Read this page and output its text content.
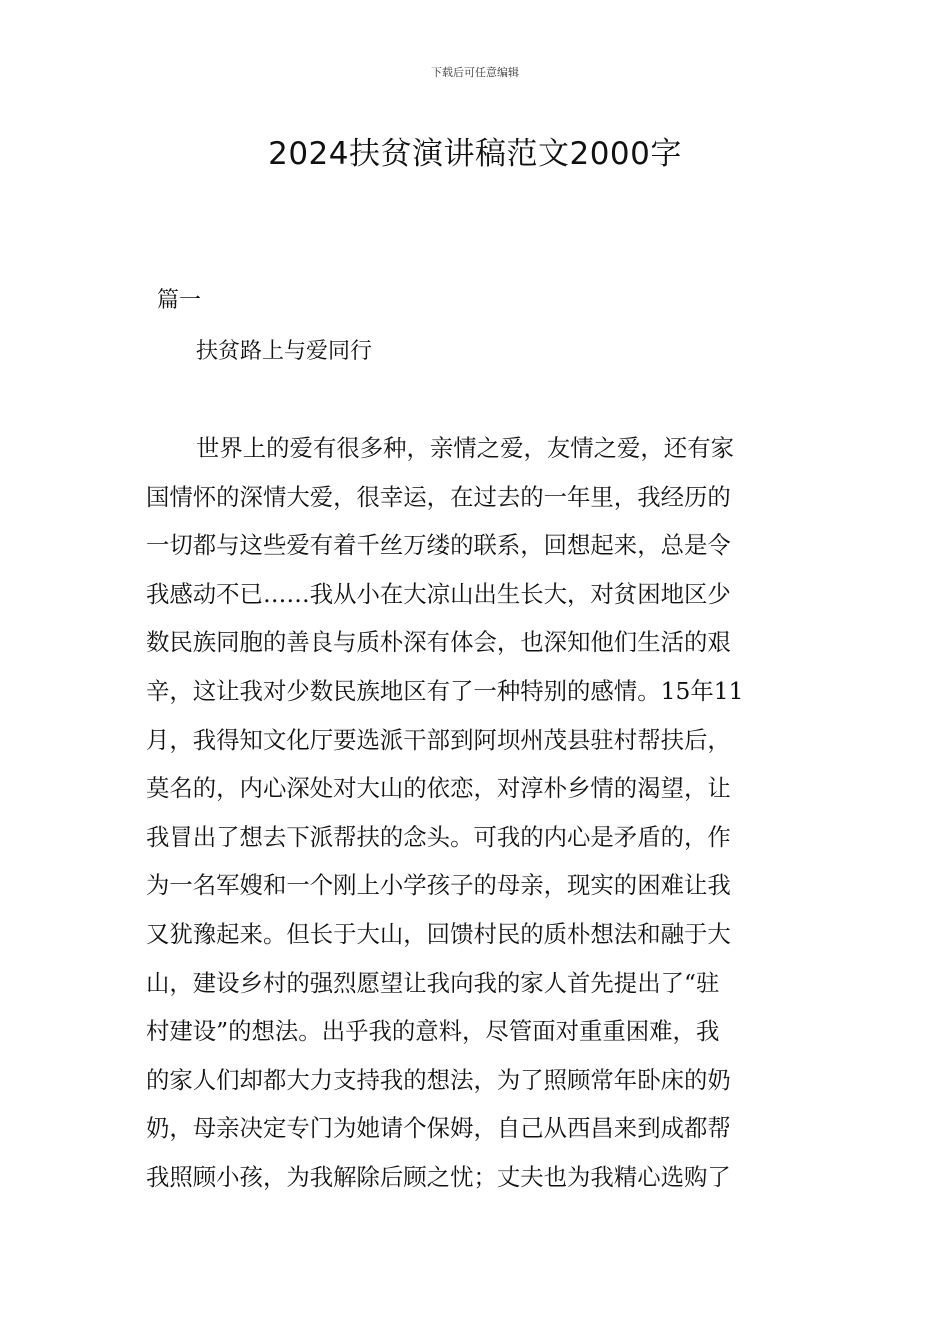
下载后可任意编辑
2024扶贫演讲稿范文2000字
篇一
扶贫路上与爱同行
世界上的爱有很多种，亲情之爱，友情之爱，还有家
国情怀的深情大爱，很幸运，在过去的一年里，我经历的
一切都与这些爱有着千丝万缕的联系，回想起来，总是令
我感动不已……我从小在大凉山出生长大，对贫困地区少
数民族同胞的善良与质朴深有体会，也深知他们生活的艰
辛，这让我对少数民族地区有了一种特别的感情。15年11
月，我得知文化厅要选派干部到阿坝州茂县驻村帮扶后，
莫名的，内心深处对大山的依恋，对淳朴乡情的渴望，让
我冒出了想去下派帮扶的念头。可我的内心是矛盾的，作
为一名军嫂和一个刚上小学孩子的母亲，现实的困难让我
又犹豫起来。但长于大山，回馈村民的质朴想法和融于大
山，建设乡村的强烈愿望让我向我的家人首先提出了“驻
村建设”的想法。出乎我的意料，尽管面对重重困难，我
的家人们却都大力支持我的想法，为了照顾常年卧床的奶
奶，母亲决定专门为她请个保姆，自己从西昌来到成都帮
我照顾小孩，为我解除后顾之忧；丈夫也为我精心选购了
